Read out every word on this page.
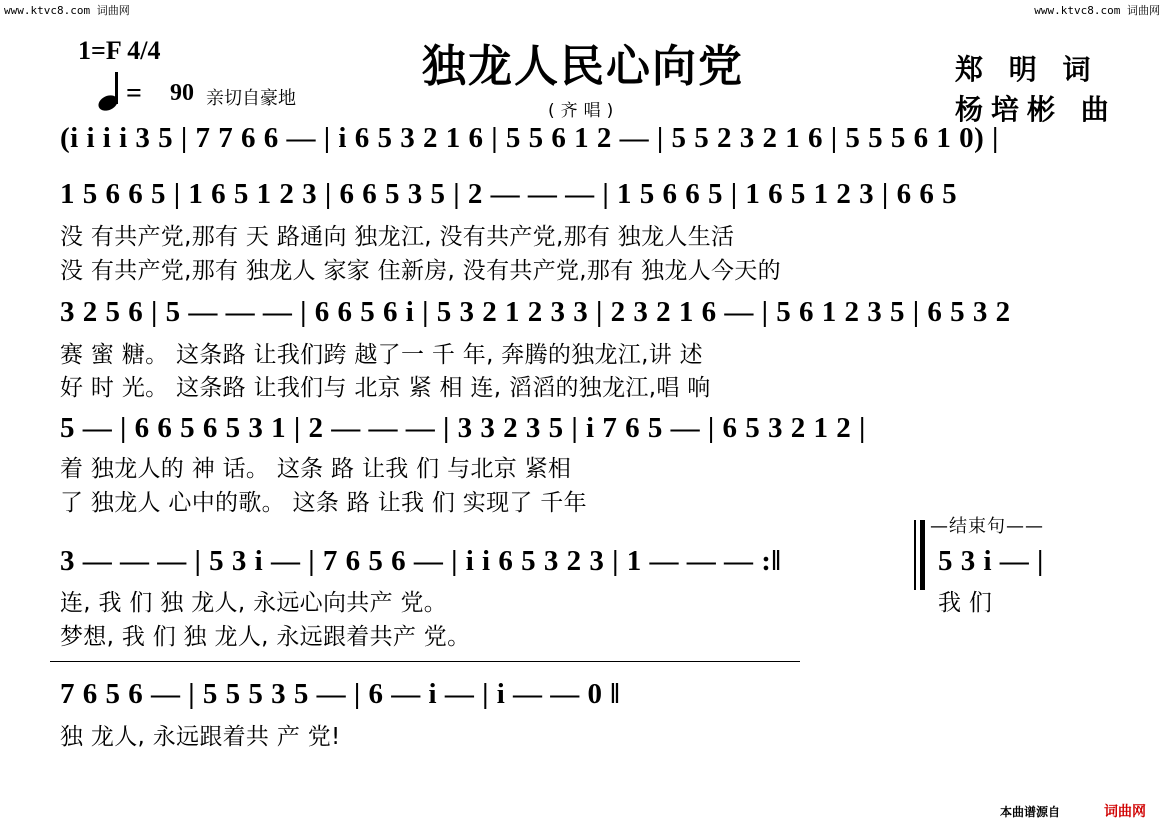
www.ktvc8.com 词曲网	www.ktvc8.com 词曲网
独龙人民心向党
(齐唱)
1=F 4/4
= 90 亲切自豪地
郑 明 词
杨培彬 曲
(i i i i 3 5 | 7 7 6 6 — | i 6 5 3 2 1 6 | 5 5 6 1 2 — | 5 5 2 3 2 1 6 | 5 5 5 6 1 0) |
1 5 6 6 5 | 1 6 5 1 2 3 | 6 6 5 3 5 | 2 — — — | 1 5 6 6 5 | 1 6 5 1 2 3 | 6 6 5
没 有共产党,那有 天 路通向 独龙江, 没有共产党,那有 独龙人生活
没 有共产党,那有 独龙人 家家 住新房, 没有共产党,那有 独龙人今天的
3 2 5 6 | 5 — — — | 6 6 5 6 i | 5 3 2 1 2 3 3 | 2 3 2 1 6 — | 5 6 1 2 3 5 | 6 5 3 2
赛 蜜 糖。 这条路 让我们跨 越了一 千 年, 奔腾的独龙江,讲 述
好 时 光。 这条路 让我们与 北京 紧 相 连, 滔滔的独龙江,唱 响
5 — | 6 6 5 6 5 3 1 | 2 — — — | 3 3 2 3 5 | i 7 6 5 — | 6 5 3 2 1 2 |
着 独龙人的 神 话。 这条 路 让我 们 与北京 紧相
了 独龙人 心中的歌。 这条 路 让我 们 实现了 千年
3 — — — | 5 3 i — | 7 6 5 6 — | i i 6 5 3 2 3 | 1 — — — :‖
连, 我 们 独 龙人, 永远心向共产 党。
梦想, 我 们 独 龙人, 永远跟着共产 党。
—结束句——
5 3 i — |
我 们
7 6 5 6 — | 5 5 5 3 5 — | 6 — i — | i — — 0 ‖
独 龙人, 永远跟着共 产 党!
本曲谱源自	词曲网
